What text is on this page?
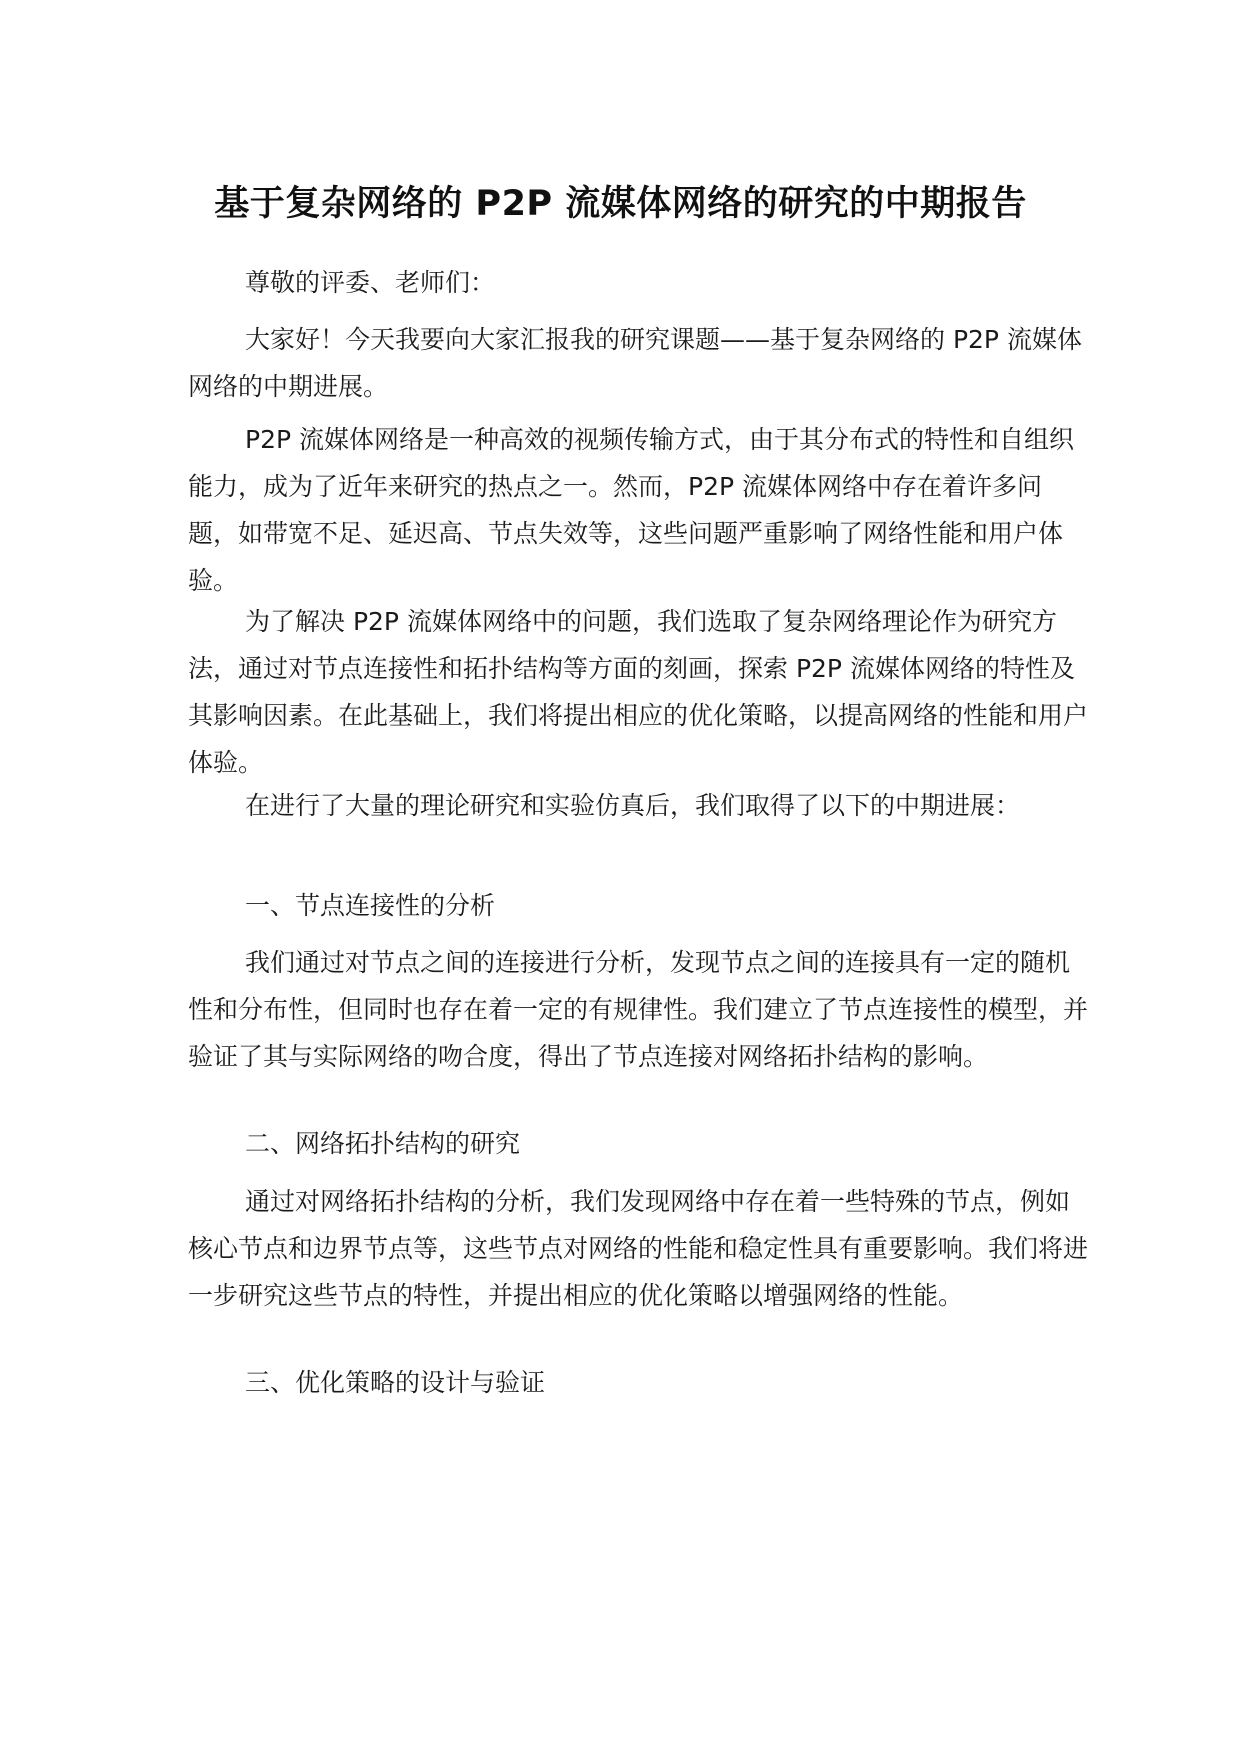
基于复杂网络的 P2P 流媒体网络的研究的中期报告

尊敬的评委、老师们：

大家好！今天我要向大家汇报我的研究课题——基于复杂网络的 P2P 流媒体网络的中期进展。

P2P 流媒体网络是一种高效的视频传输方式，由于其分布式的特性和自组织能力，成为了近年来研究的热点之一。然而，P2P 流媒体网络中存在着许多问题，如带宽不足、延迟高、节点失效等，这些问题严重影响了网络性能和用户体验。

为了解决 P2P 流媒体网络中的问题，我们选取了复杂网络理论作为研究方法，通过对节点连接性和拓扑结构等方面的刻画，探索 P2P 流媒体网络的特性及其影响因素。在此基础上，我们将提出相应的优化策略，以提高网络的性能和用户体验。

在进行了大量的理论研究和实验仿真后，我们取得了以下的中期进展：

一、节点连接性的分析

我们通过对节点之间的连接进行分析，发现节点之间的连接具有一定的随机性和分布性，但同时也存在着一定的有规律性。我们建立了节点连接性的模型，并验证了其与实际网络的吻合度，得出了节点连接对网络拓扑结构的影响。

二、网络拓扑结构的研究

通过对网络拓扑结构的分析，我们发现网络中存在着一些特殊的节点，例如核心节点和边界节点等，这些节点对网络的性能和稳定性具有重要影响。我们将进一步研究这些节点的特性，并提出相应的优化策略以增强网络的性能。

三、优化策略的设计与验证
